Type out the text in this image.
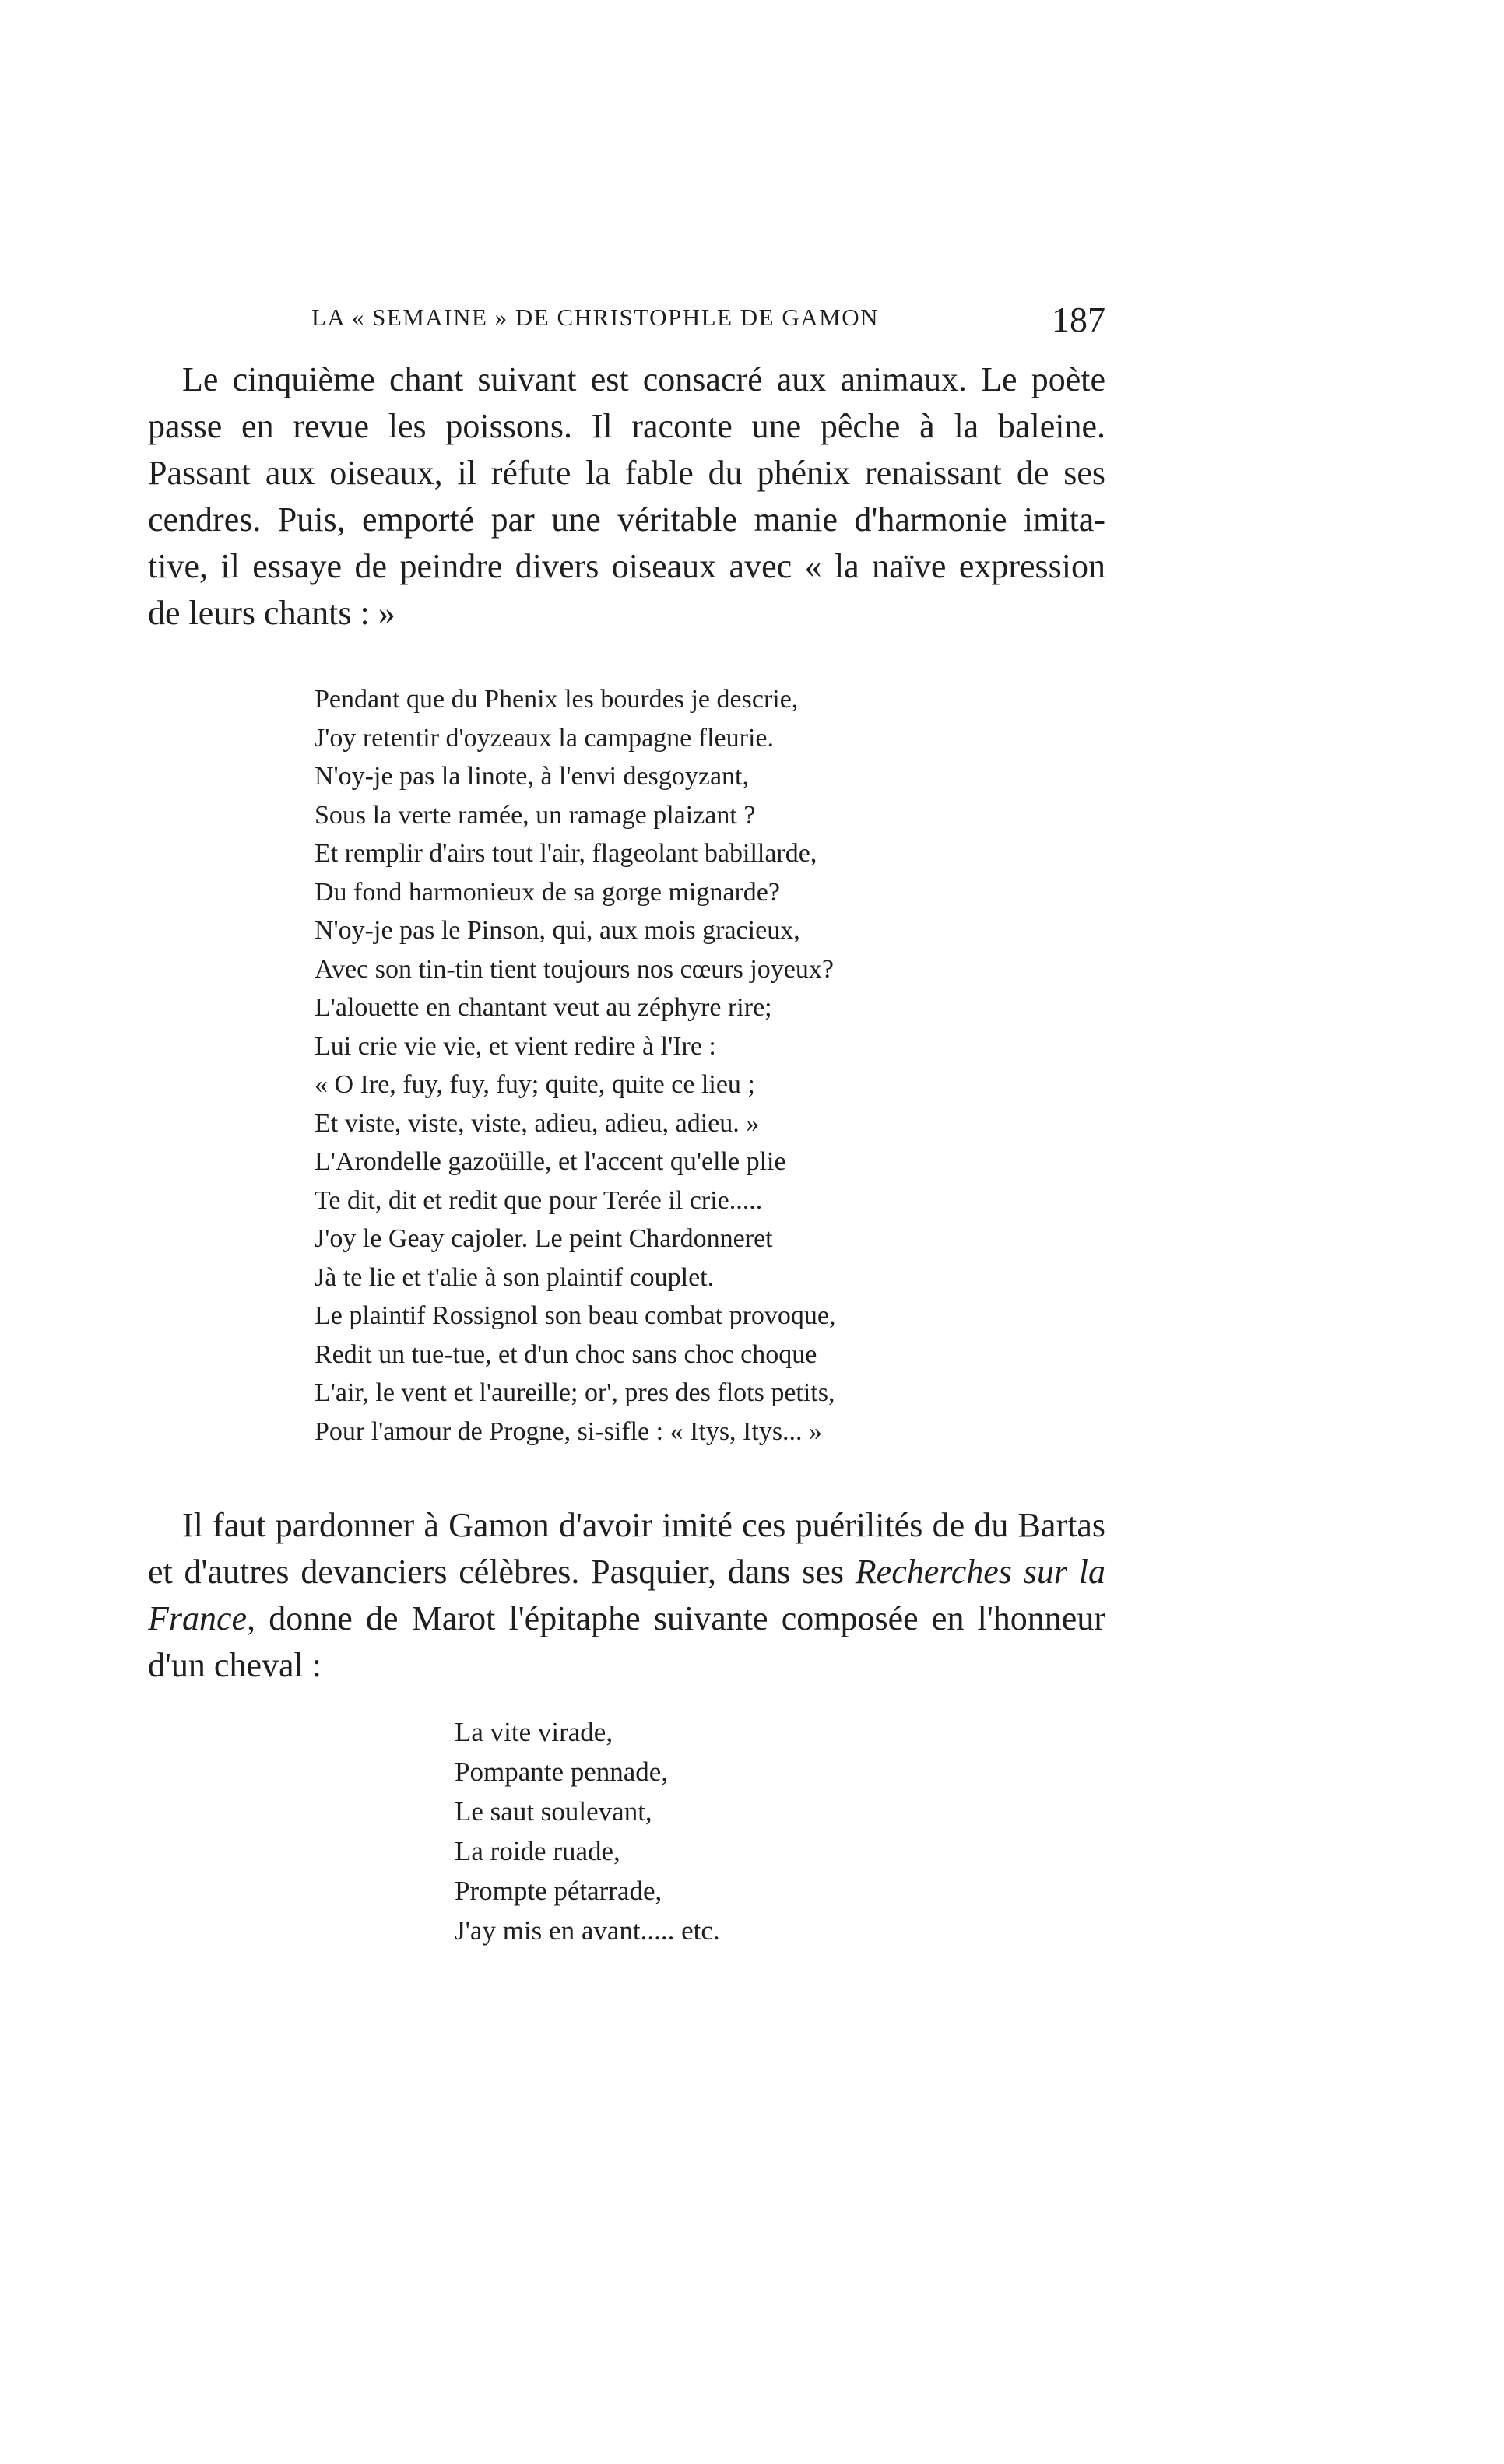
LA « SEMAINE » DE CHRISTOPHLE DE GAMON	187
Le cinquième chant suivant est consacré aux animaux. Le poète
passe en revue les poissons. Il raconte une pêche à la baleine.
Passant aux oiseaux, il réfute la fable du phénix renaissant de ses
cendres. Puis, emporté par une véritable manie d'harmonie imita-
tive, il essaye de peindre divers oiseaux avec « la naïve expression
de leurs chants : »
Pendant que du Phenix les bourdes je descrie,
J'oy retentir d'oyzeaux la campagne fleurie.
N'oy-je pas la linote, à l'envi desgoyzant,
Sous la verte ramée, un ramage plaizant ?
Et remplir d'airs tout l'air, flageolant babillarde,
Du fond harmonieux de sa gorge mignarde?
N'oy-je pas le Pinson, qui, aux mois gracieux,
Avec son tin-tin tient toujours nos cœurs joyeux?
L'alouette en chantant veut au zéphyre rire;
Lui crie vie vie, et vient redire à l'Ire :
« O Ire, fuy, fuy, fuy; quite, quite ce lieu ;
Et viste, viste, viste, adieu, adieu, adieu. »
L'Arondelle gazoüille, et l'accent qu'elle plie
Te dit, dit et redit que pour Terée il crie.....
J'oy le Geay cajoler. Le peint Chardonneret
Jà te lie et t'alie à son plaintif couplet.
Le plaintif Rossignol son beau combat provoque,
Redit un tue-tue, et d'un choc sans choc choque
L'air, le vent et l'aureille; or', pres des flots petits,
Pour l'amour de Progne, si-sifle : « Itys, Itys... »
Il faut pardonner à Gamon d'avoir imité ces puérilités de du Bartas
et d'autres devanciers célèbres. Pasquier, dans ses Recherches sur la
France, donne de Marot l'épitaphe suivante composée en l'honneur
d'un cheval :
La vite virade,
Pompante pennade,
Le saut soulevant,
La roide ruade,
Prompte pétarrade,
J'ay mis en avant..... etc.
